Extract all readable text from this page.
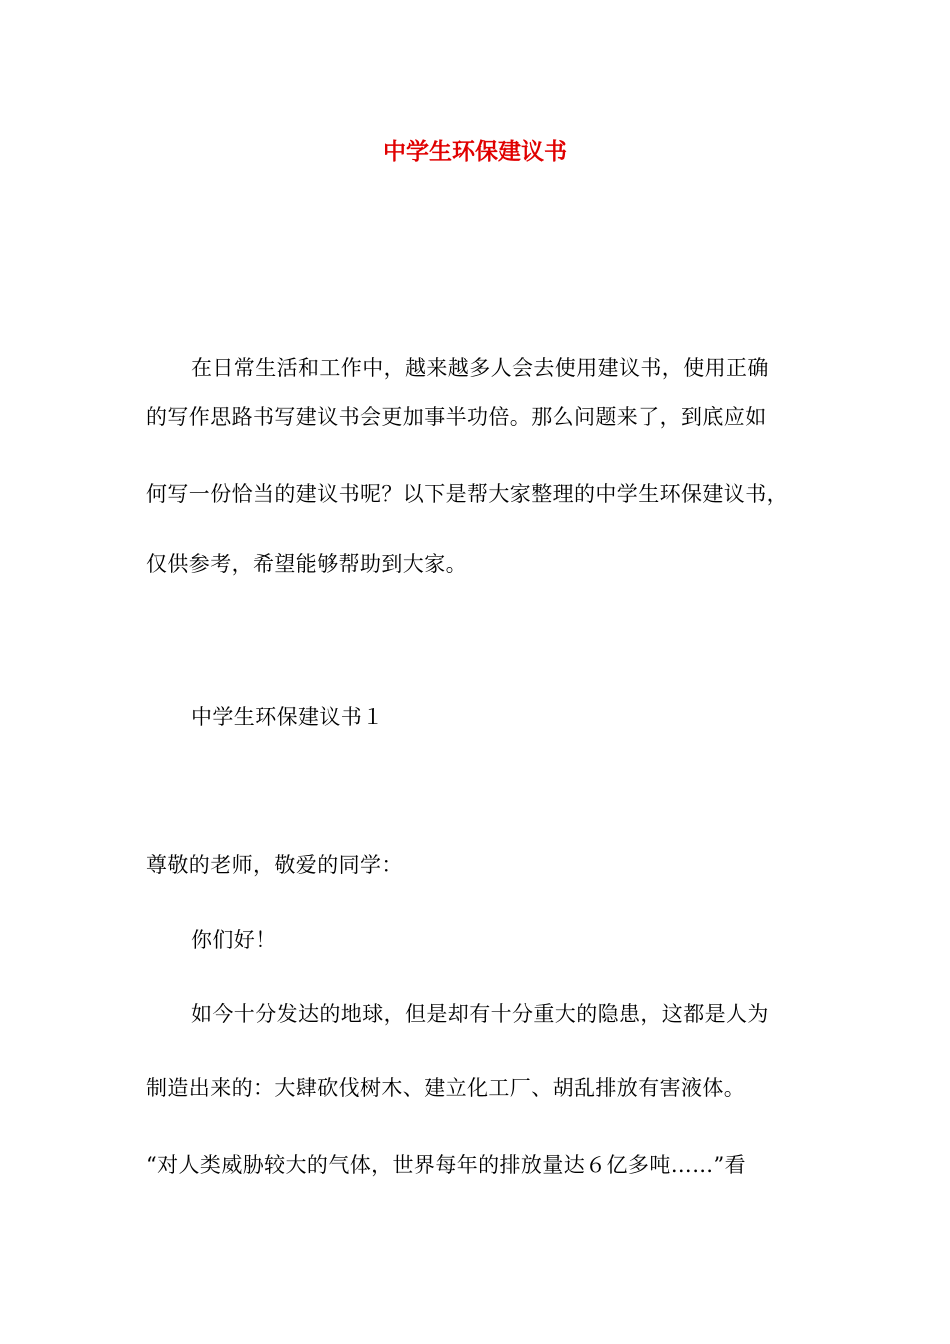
中学生环保建议书
在日常生活和工作中，越来越多人会去使用建议书，使用正确
的写作思路书写建议书会更加事半功倍。那么问题来了，到底应如
何写一份恰当的建议书呢？以下是帮大家整理的中学生环保建议书，
仅供参考，希望能够帮助到大家。
中学生环保建议书１
尊敬的老师，敬爱的同学：
你们好！
如今十分发达的地球，但是却有十分重大的隐患，这都是人为
制造出来的：大肆砍伐树木、建立化工厂、胡乱排放有害液体。
“对人类威胁较大的气体，世界每年的排放量达６亿多吨……”看
